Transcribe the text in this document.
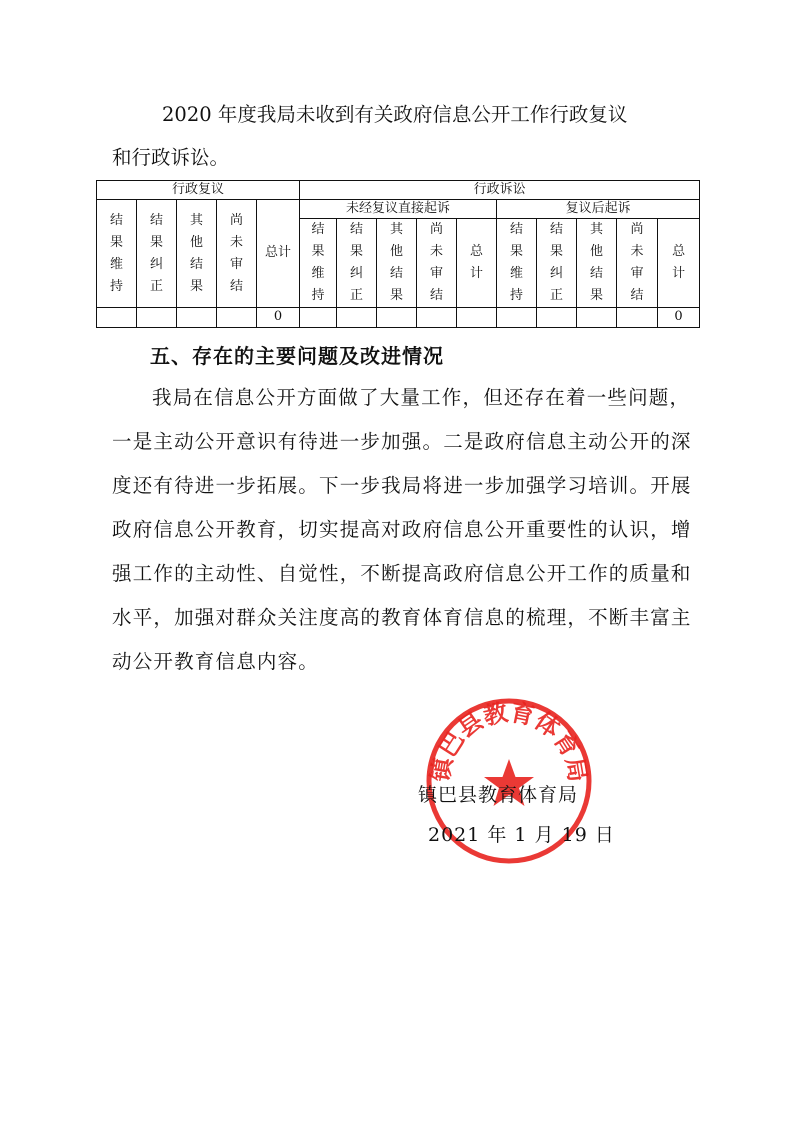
2020 年度我局未收到有关政府信息公开工作行政复议

和行政诉讼。

行政复议					行政诉讼									
结果维持	结果纠正	其他结果	尚未审结	总计	未经复议直接起诉					复议后起诉				
					结果维持	结果纠正	其他结果	尚未审结	总计	结果维持	结果纠正	其他结果	尚未审结	总计
				0										0
五、存在的主要问题及改进情况

我局在信息公开方面做了大量工作，但还存在着一些问题，一是主动公开意识有待进一步加强。二是政府信息主动公开的深度还有待进一步拓展。下一步我局将进一步加强学习培训。开展政府信息公开教育，切实提高对政府信息公开重要性的认识，增强工作的主动性、自觉性，不断提高政府信息公开工作的质量和水平，加强对群众关注度高的教育体育信息的梳理，不断丰富主动公开教育信息内容。

镇巴县教育体育局

镇巴县教育体育局

2021 年 1 月 19 日
